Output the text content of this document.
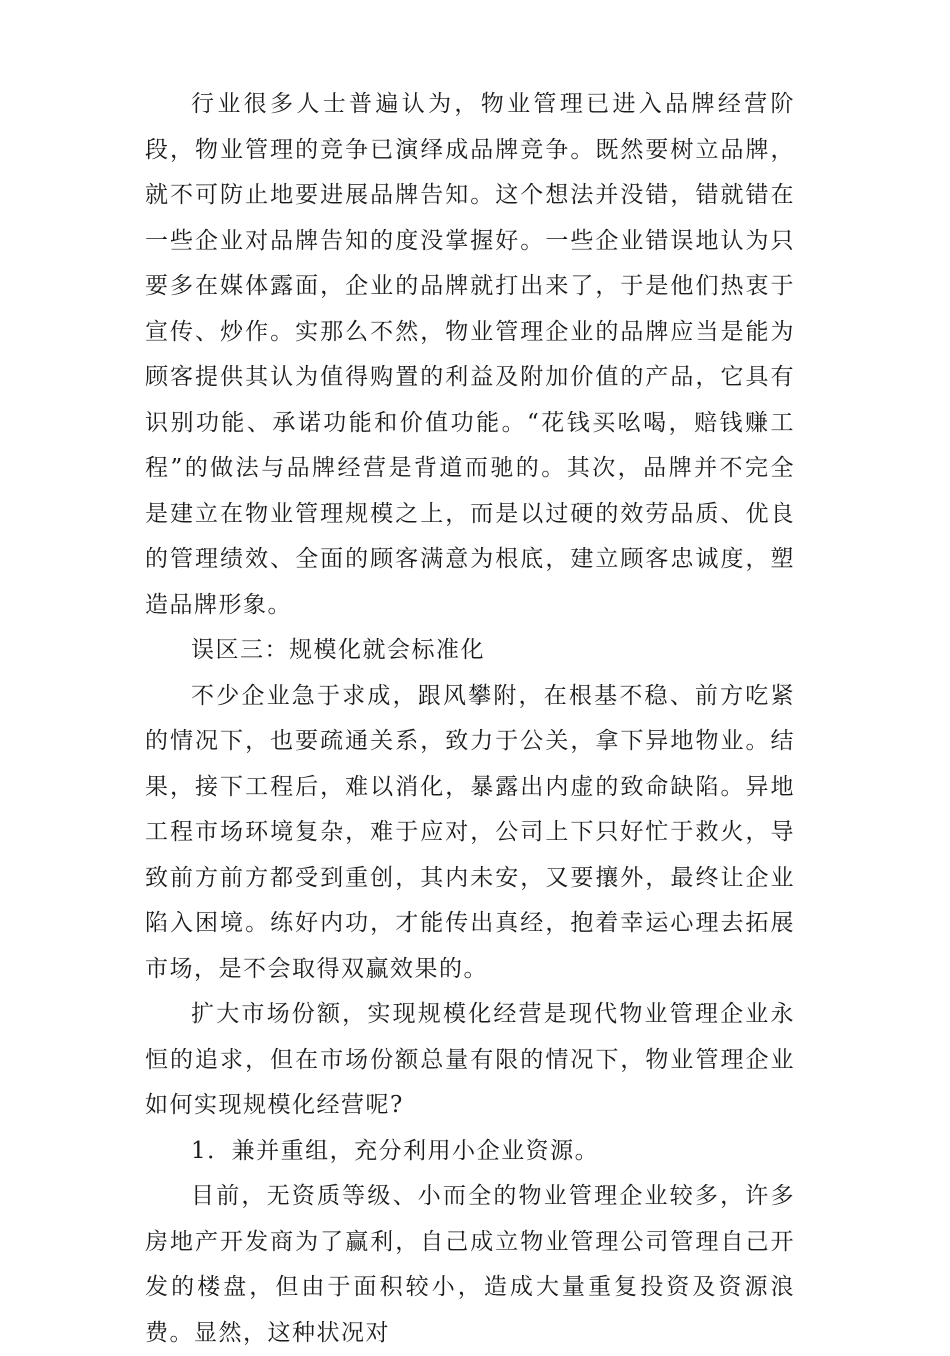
行业很多人士普遍认为，物业管理已进入品牌经营阶段，物业管理的竞争已演绎成品牌竞争。既然要树立品牌，就不可防止地要进展品牌告知。这个想法并没错，错就错在一些企业对品牌告知的度没掌握好。一些企业错误地认为只要多在媒体露面，企业的品牌就打出来了，于是他们热衷于宣传、炒作。实那么不然，物业管理企业的品牌应当是能为顾客提供其认为值得购置的利益及附加价值的产品，它具有识别功能、承诺功能和价值功能。“花钱买吆喝，赔钱赚工程”的做法与品牌经营是背道而驰的。其次，品牌并不完全是建立在物业管理规模之上，而是以过硬的效劳品质、优良的管理绩效、全面的顾客满意为根底，建立顾客忠诚度，塑造品牌形象。

误区三：规模化就会标准化

不少企业急于求成，跟风攀附，在根基不稳、前方吃紧的情况下，也要疏通关系，致力于公关，拿下异地物业。结果，接下工程后，难以消化，暴露出内虚的致命缺陷。异地工程市场环境复杂，难于应对，公司上下只好忙于救火，导致前方前方都受到重创，其内未安，又要攘外，最终让企业陷入困境。练好内功，才能传出真经，抱着幸运心理去拓展市场，是不会取得双赢效果的。

扩大市场份额，实现规模化经营是现代物业管理企业永恒的追求，但在市场份额总量有限的情况下，物业管理企业如何实现规模化经营呢?

1．兼并重组，充分利用小企业资源。

目前，无资质等级、小而全的物业管理企业较多，许多房地产开发商为了赢利，自己成立物业管理公司管理自己开发的楼盘，但由于面积较小，造成大量重复投资及资源浪费。显然，这种状况对
